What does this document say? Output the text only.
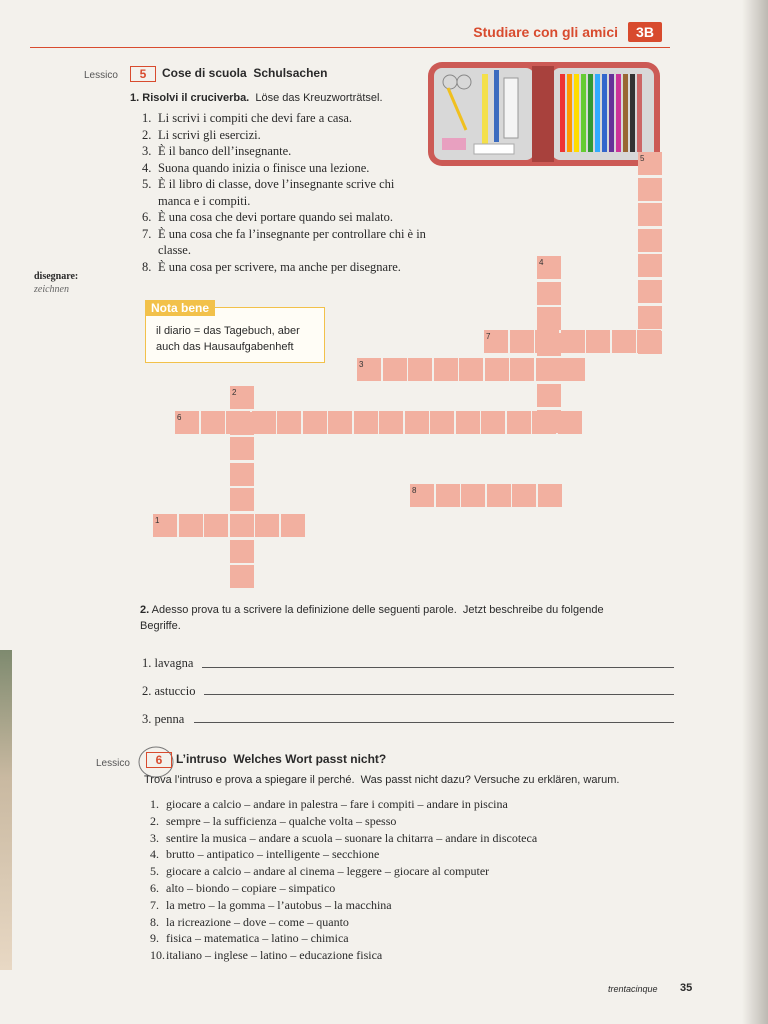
Studiare con gli amici	3B
Lessico	5	Cose di scuola Schulsachen
1. Risolvi il cruciverba. Löse das Kreuzworträtsel.
1. Li scrivi i compiti che devi fare a casa.
2. Li scrivi gli esercizi.
3. È il banco dell’insegnante.
4. Suona quando inizia o finisce una lezione.
5. È il libro di classe, dove l’insegnante scrive chi manca e i compiti.
6. È una cosa che devi portare quando sei malato.
7. È una cosa che fa l’insegnante per controllare chi è in classe.
8. È una cosa per scrivere, ma anche per disegnare.
disegnare:
zeichnen
Nota bene
il diario = das Tagebuch, aber
auch das Hausaufgabenheft
1
2
3
4
5
6
7
8
2. Adesso prova tu a scrivere la definizione delle seguenti parole. Jetzt beschreibe du folgende
Begriffe.
1. lavagna
2. astuccio
3. penna
Lessico	6	L’intruso Welches Wort passt nicht?
Trova l’intruso e prova a spiegare il perché. Was passt nicht dazu? Versuche zu erklären, warum.
1. giocare a calcio – andare in palestra – fare i compiti – andare in piscina
2. sempre – la sufficienza – qualche volta – spesso
3. sentire la musica – andare a scuola – suonare la chitarra – andare in discoteca
4. brutto – antipatico – intelligente – secchione
5. giocare a calcio – andare al cinema – leggere – giocare al computer
6. alto – biondo – copiare – simpatico
7. la metro – la gomma – l’autobus – la macchina
8. la ricreazione – dove – come – quanto
9. fisica – matematica – latino – chimica
10. italiano – inglese – latino – educazione fisica
trentacinque 35
